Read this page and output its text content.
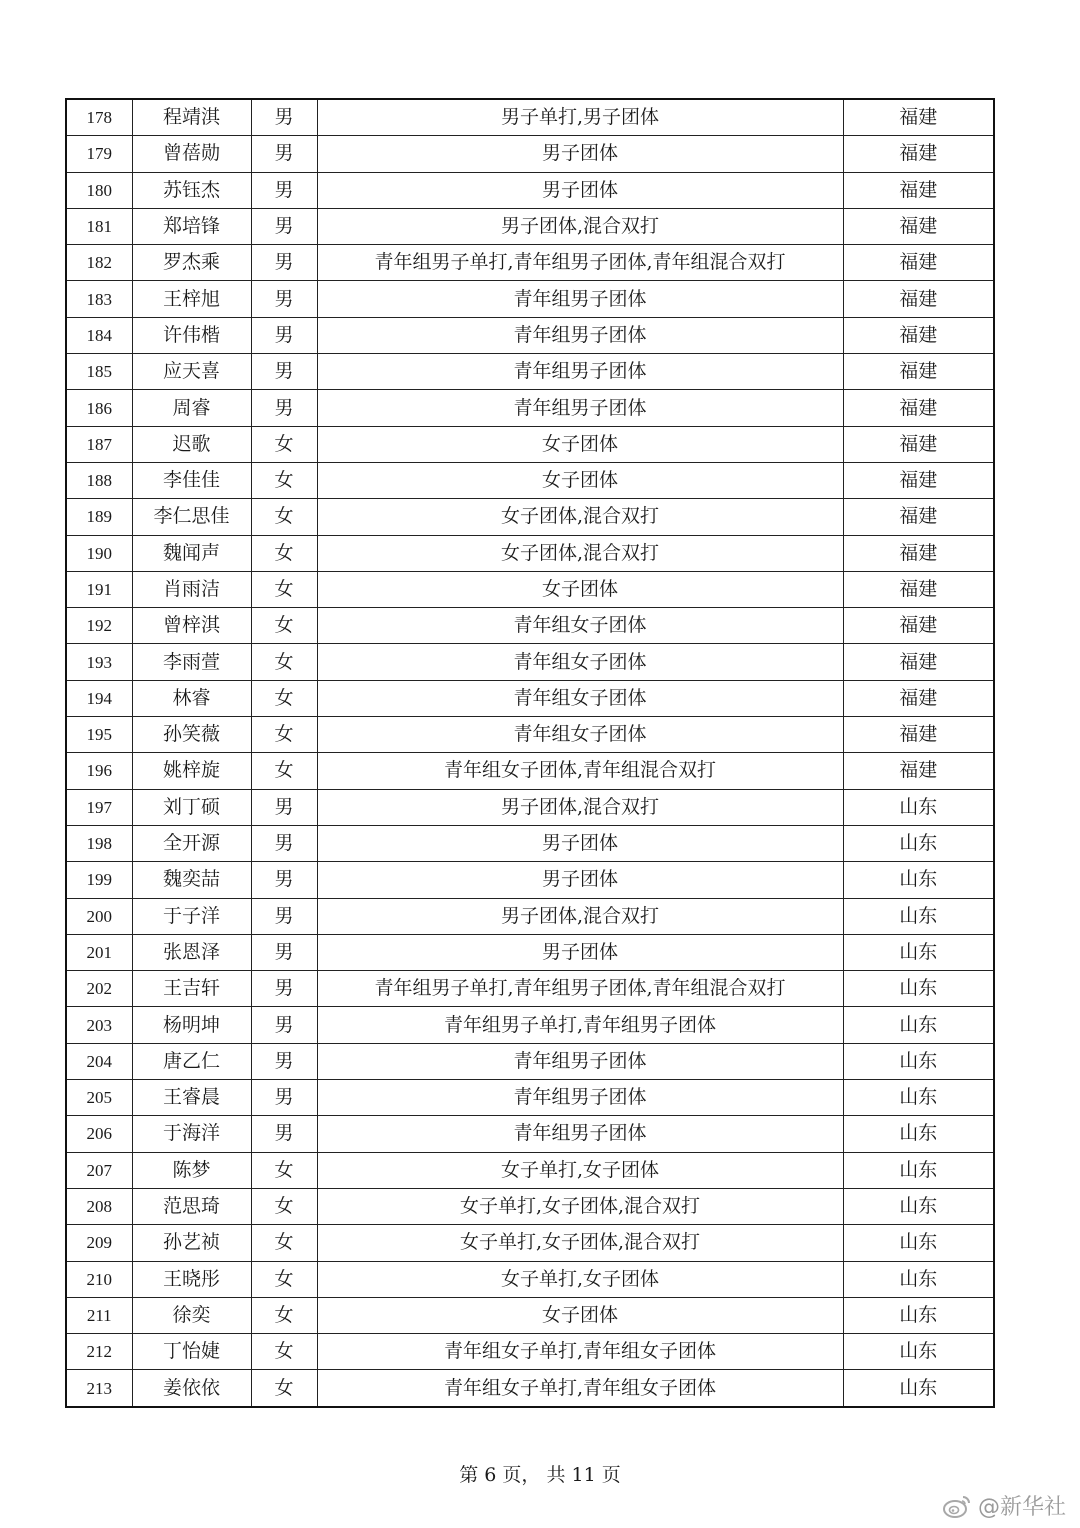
178	程靖淇	男	男子单打,男子团体	福建
179	曾蓓勋	男	男子团体	福建
180	苏钰杰	男	男子团体	福建
181	郑培锋	男	男子团体,混合双打	福建
182	罗杰乘	男	青年组男子单打,青年组男子团体,青年组混合双打	福建
183	王梓旭	男	青年组男子团体	福建
184	许伟楷	男	青年组男子团体	福建
185	应天喜	男	青年组男子团体	福建
186	周睿	男	青年组男子团体	福建
187	迟歌	女	女子团体	福建
188	李佳佳	女	女子团体	福建
189	李仁思佳	女	女子团体,混合双打	福建
190	魏闻声	女	女子团体,混合双打	福建
191	肖雨洁	女	女子团体	福建
192	曾梓淇	女	青年组女子团体	福建
193	李雨萱	女	青年组女子团体	福建
194	林睿	女	青年组女子团体	福建
195	孙笑薇	女	青年组女子团体	福建
196	姚梓旋	女	青年组女子团体,青年组混合双打	福建
197	刘丁硕	男	男子团体,混合双打	山东
198	全开源	男	男子团体	山东
199	魏奕喆	男	男子团体	山东
200	于子洋	男	男子团体,混合双打	山东
201	张恩泽	男	男子团体	山东
202	王吉轩	男	青年组男子单打,青年组男子团体,青年组混合双打	山东
203	杨明坤	男	青年组男子单打,青年组男子团体	山东
204	唐乙仁	男	青年组男子团体	山东
205	王睿晨	男	青年组男子团体	山东
206	于海洋	男	青年组男子团体	山东
207	陈梦	女	女子单打,女子团体	山东
208	范思琦	女	女子单打,女子团体,混合双打	山东
209	孙艺祯	女	女子单打,女子团体,混合双打	山东
210	王晓彤	女	女子单打,女子团体	山东
211	徐奕	女	女子团体	山东
212	丁怡婕	女	青年组女子单打,青年组女子团体	山东
213	姜依依	女	青年组女子单打,青年组女子团体	山东
第 6 页， 共 11 页
@新华社
